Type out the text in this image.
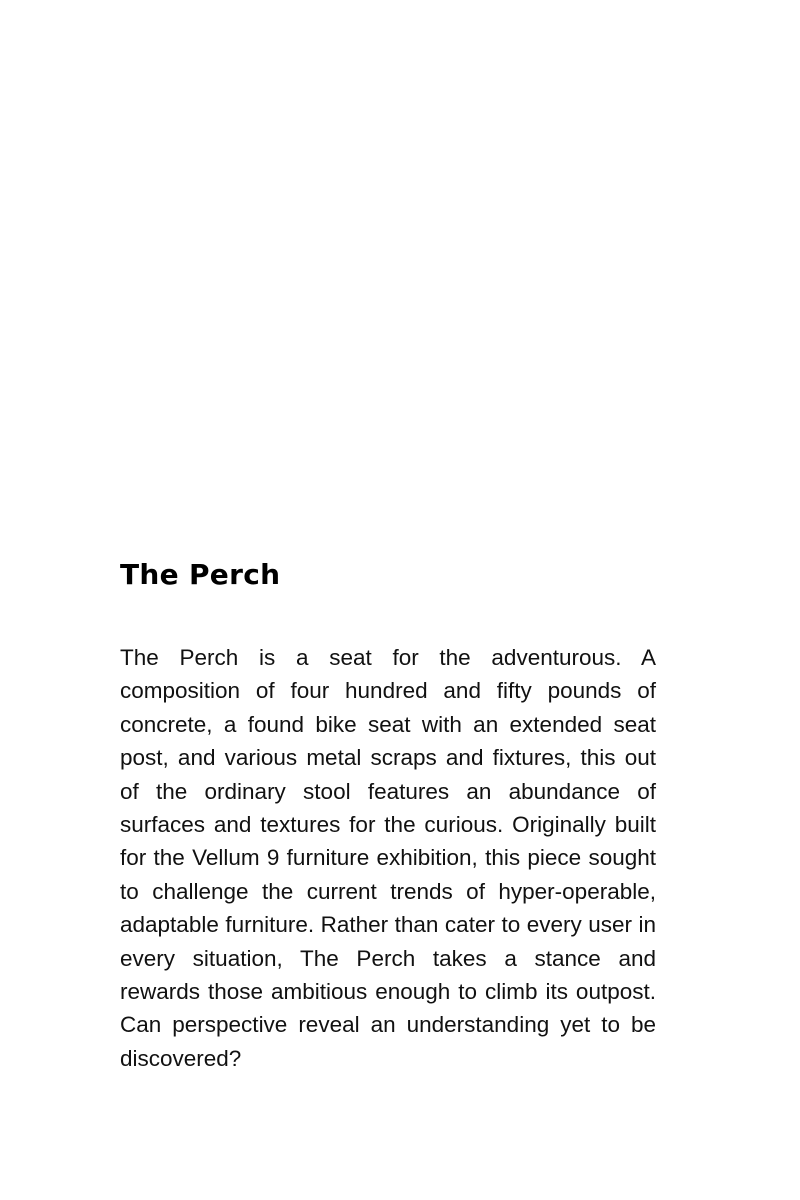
The Perch

The Perch is a seat for the adventurous. A composition of four hundred and fifty pounds of concrete, a found bike seat with an extended seat post, and various metal scraps and fixtures, this out of the ordinary stool features an abundance of surfaces and textures for the curious. Originally built for the Vellum 9 furniture exhibition, this piece sought to challenge the current trends of hyper-operable, adaptable furniture. Rather than cater to every user in every situation, The Perch takes a stance and rewards those ambitious enough to climb its outpost. Can perspective reveal an understanding yet to be discovered?
